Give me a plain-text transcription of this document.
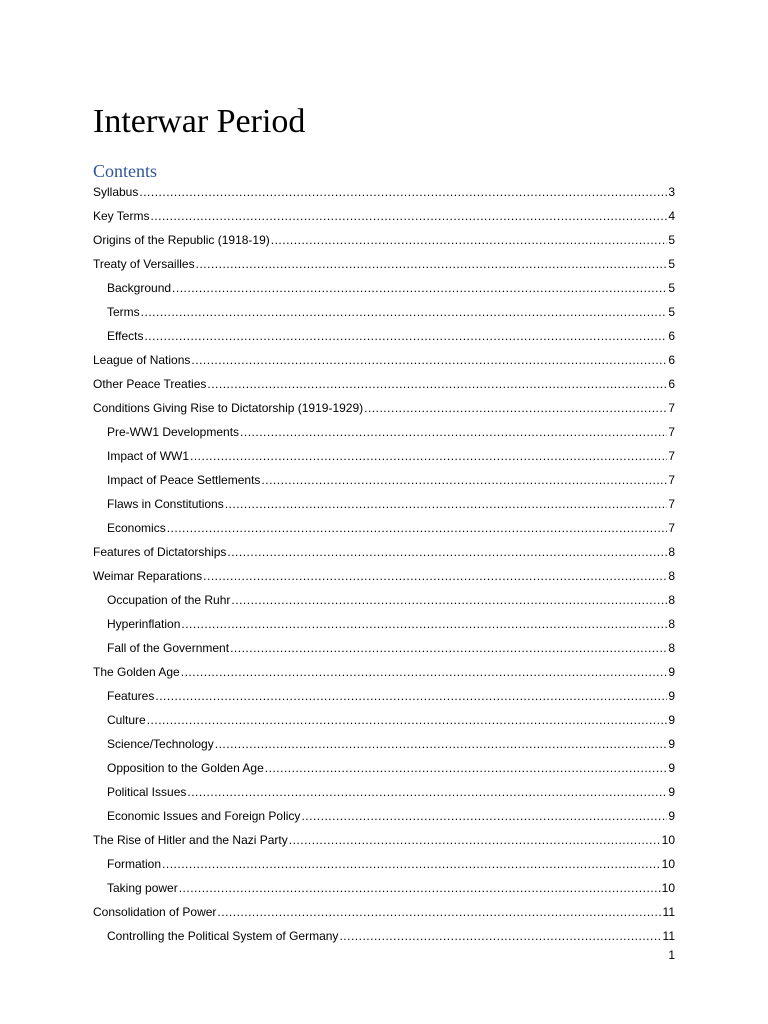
Interwar Period
Contents
Syllabus .....	3
Key Terms .....	4
Origins of the Republic (1918-19) .....	5
Treaty of Versailles .....	5
Background .....	5
Terms .....	5
Effects .....	6
League of Nations .....	6
Other Peace Treaties .....	6
Conditions Giving Rise to Dictatorship (1919-1929) .....	7
Pre-WW1 Developments .....	7
Impact of WW1 .....	7
Impact of Peace Settlements .....	7
Flaws in Constitutions .....	7
Economics .....	7
Features of Dictatorships .....	8
Weimar Reparations .....	8
Occupation of the Ruhr .....	8
Hyperinflation .....	8
Fall of the Government .....	8
The Golden Age .....	9
Features .....	9
Culture .....	9
Science/Technology .....	9
Opposition to the Golden Age .....	9
Political Issues .....	9
Economic Issues and Foreign Policy .....	9
The Rise of Hitler and the Nazi Party .....	10
Formation .....	10
Taking power .....	10
Consolidation of Power .....	11
Controlling the Political System of Germany .....	11
1
